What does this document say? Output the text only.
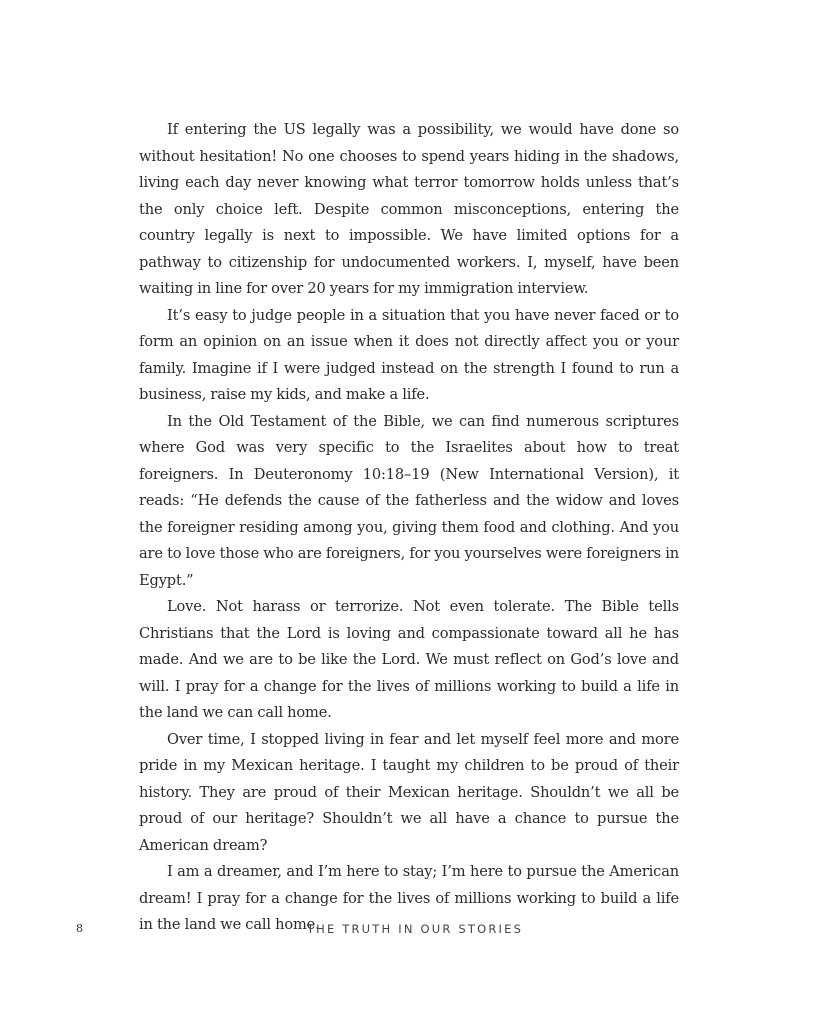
If entering the US legally was a possibility, we would have done so without hesitation! No one chooses to spend years hiding in the shadows, living each day never knowing what terror tomorrow holds unless that’s the only choice left. Despite common misconceptions, entering the country legally is next to impossible. We have limited options for a pathway to citizenship for undocumented workers. I, myself, have been waiting in line for over 20 years for my immigration interview.

It’s easy to judge people in a situation that you have never faced or to form an opinion on an issue when it does not directly affect you or your family. Imagine if I were judged instead on the strength I found to run a business, raise my kids, and make a life.

In the Old Testament of the Bible, we can find numerous scriptures where God was very specific to the Israelites about how to treat foreigners. In Deuteronomy 10:18–19 (New International Version), it reads: “He defends the cause of the fatherless and the widow and loves the foreigner residing among you, giving them food and clothing. And you are to love those who are foreigners, for you yourselves were foreigners in Egypt.”

Love. Not harass or terrorize. Not even tolerate. The Bible tells Christians that the Lord is loving and compassionate toward all he has made. And we are to be like the Lord. We must reflect on God’s love and will. I pray for a change for the lives of millions working to build a life in the land we can call home.

Over time, I stopped living in fear and let myself feel more and more pride in my Mexican heritage. I taught my children to be proud of their history. They are proud of their Mexican heritage. Shouldn’t we all be proud of our heritage? Shouldn’t we all have a chance to pursue the American dream?

I am a dreamer, and I’m here to stay; I’m here to pursue the American dream! I pray for a change for the lives of millions working to build a life in the land we call home.

8	THE TRUTH IN OUR STORIES
